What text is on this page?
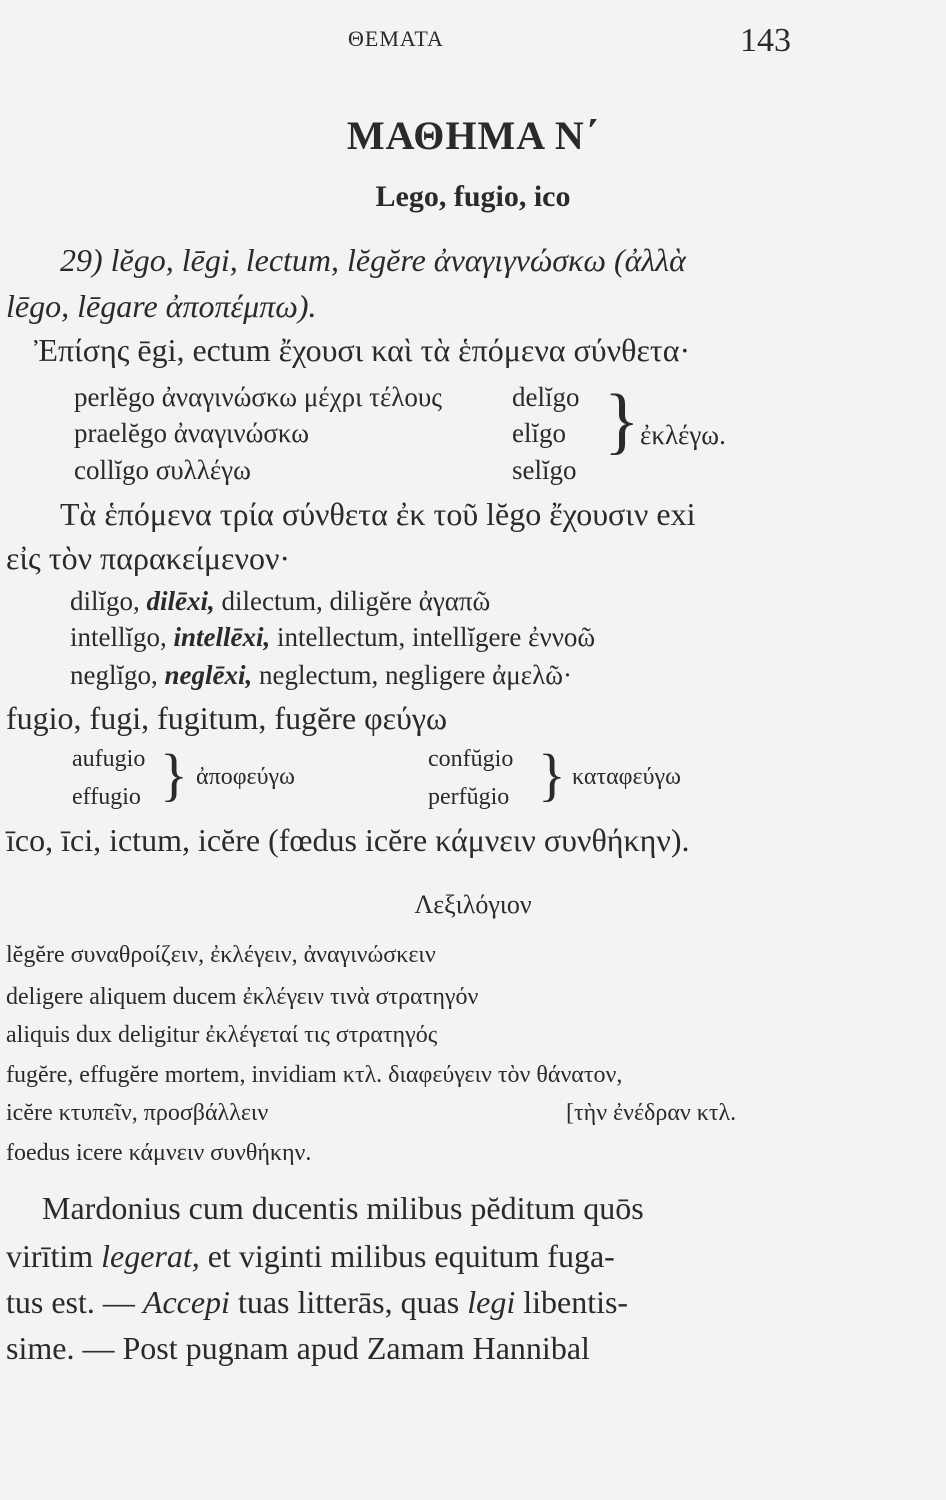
ΘΕΜΑΤΑ	143
ΜΑΘΗΜΑ Ν΄
Lego, fugio, ico
29) lĕgo, lēgi, lectum, lĕgĕre ἀναγιγνώσκω (ἀλλὰ
lēgo, lēgare ἀποπέμπω).
Ἐπίσης ēgi, ectum ἔχουσι καὶ τὰ ἑπόμενα σύνθετα·
perlĕgo ἀναγινώσκω μέχρι τέλους
praelĕgo ἀναγινώσκω
collĭgo συλλέγω
delĭgo
elĭgo
selĭgo
} ἐκλέγω.
Τὰ ἑπόμενα τρία σύνθετα ἐκ τοῦ lĕgo ἔχουσιν exi
εἰς τὸν παρακείμενον·
dilĭgo, dilēxi, dilectum, diligĕre ἀγαπῶ
intellĭgo, intellēxi, intellectum, intellĭgere ἐννοῶ
neglĭgo, neglēxi, neglectum, negligere ἀμελῶ·
fugio, fugi, fugitum, fugĕre φεύγω
aufugio
effugio } ἀποφεύγω
confŭgio
perfŭgio } καταφεύγω
īco, īci, ictum, icĕre (fœdus icĕre κάμνειν συνθήκην).
Λεξιλόγιον
lĕgĕre συναθροίζειν, ἐκλέγειν, ἀναγινώσκειν
deligere aliquem ducem ἐκλέγειν τινὰ στρατηγόν
aliquis dux deligitur ἐκλέγεταί τις στρατηγός
fugĕre, effugĕre mortem, invidiam κτλ. διαφεύγειν τὸν θάνατον,
icĕre κτυπεῖν, προσβάλλειν	[τὴν ἐνέδραν κτλ.
foedus icere κάμνειν συνθήκην.
Mardonius cum ducentis milibus pĕditum quōs
virītim legerat, et viginti milibus equitum fuga-
tus est. — Accepi tuas litterās, quas legi libentis-
sime. — Post pugnam apud Zamam Hannibal
